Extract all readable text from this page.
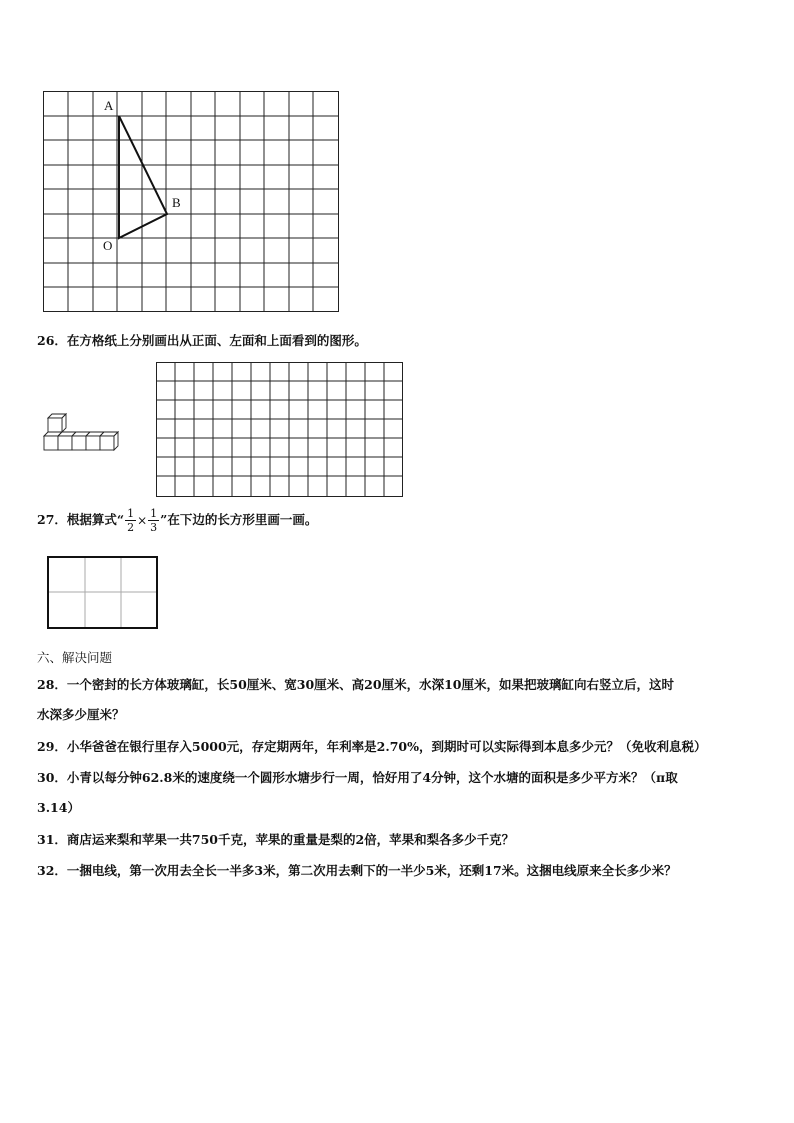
A
B
O
26．在方格纸上分别画出从正面、左面和上面看到的图形。
27．根据算式“ $\frac{1}{2} \times \frac{1}{3}$ ”在下边的长方形里画一画。
六、解决问题
28．一个密封的长方体玻璃缸，长50厘米、宽30厘米、高20厘米，水深10厘米，如果把玻璃缸向右竖立后，这时
水深多少厘米？
29．小华爸爸在银行里存入5000元，存定期两年，年利率是2.70%，到期时可以实际得到本息多少元？（免收利息税）
30．小青以每分钟62.8米的速度绕一个圆形水塘步行一周，恰好用了4分钟，这个水塘的面积是多少平方米？（π取
3.14）
31．商店运来梨和苹果一共750千克，苹果的重量是梨的2倍，苹果和梨各多少千克？
32．一捆电线，第一次用去全长一半多3米，第二次用去剩下的一半少5米，还剩17米。这捆电线原来全长多少米？
